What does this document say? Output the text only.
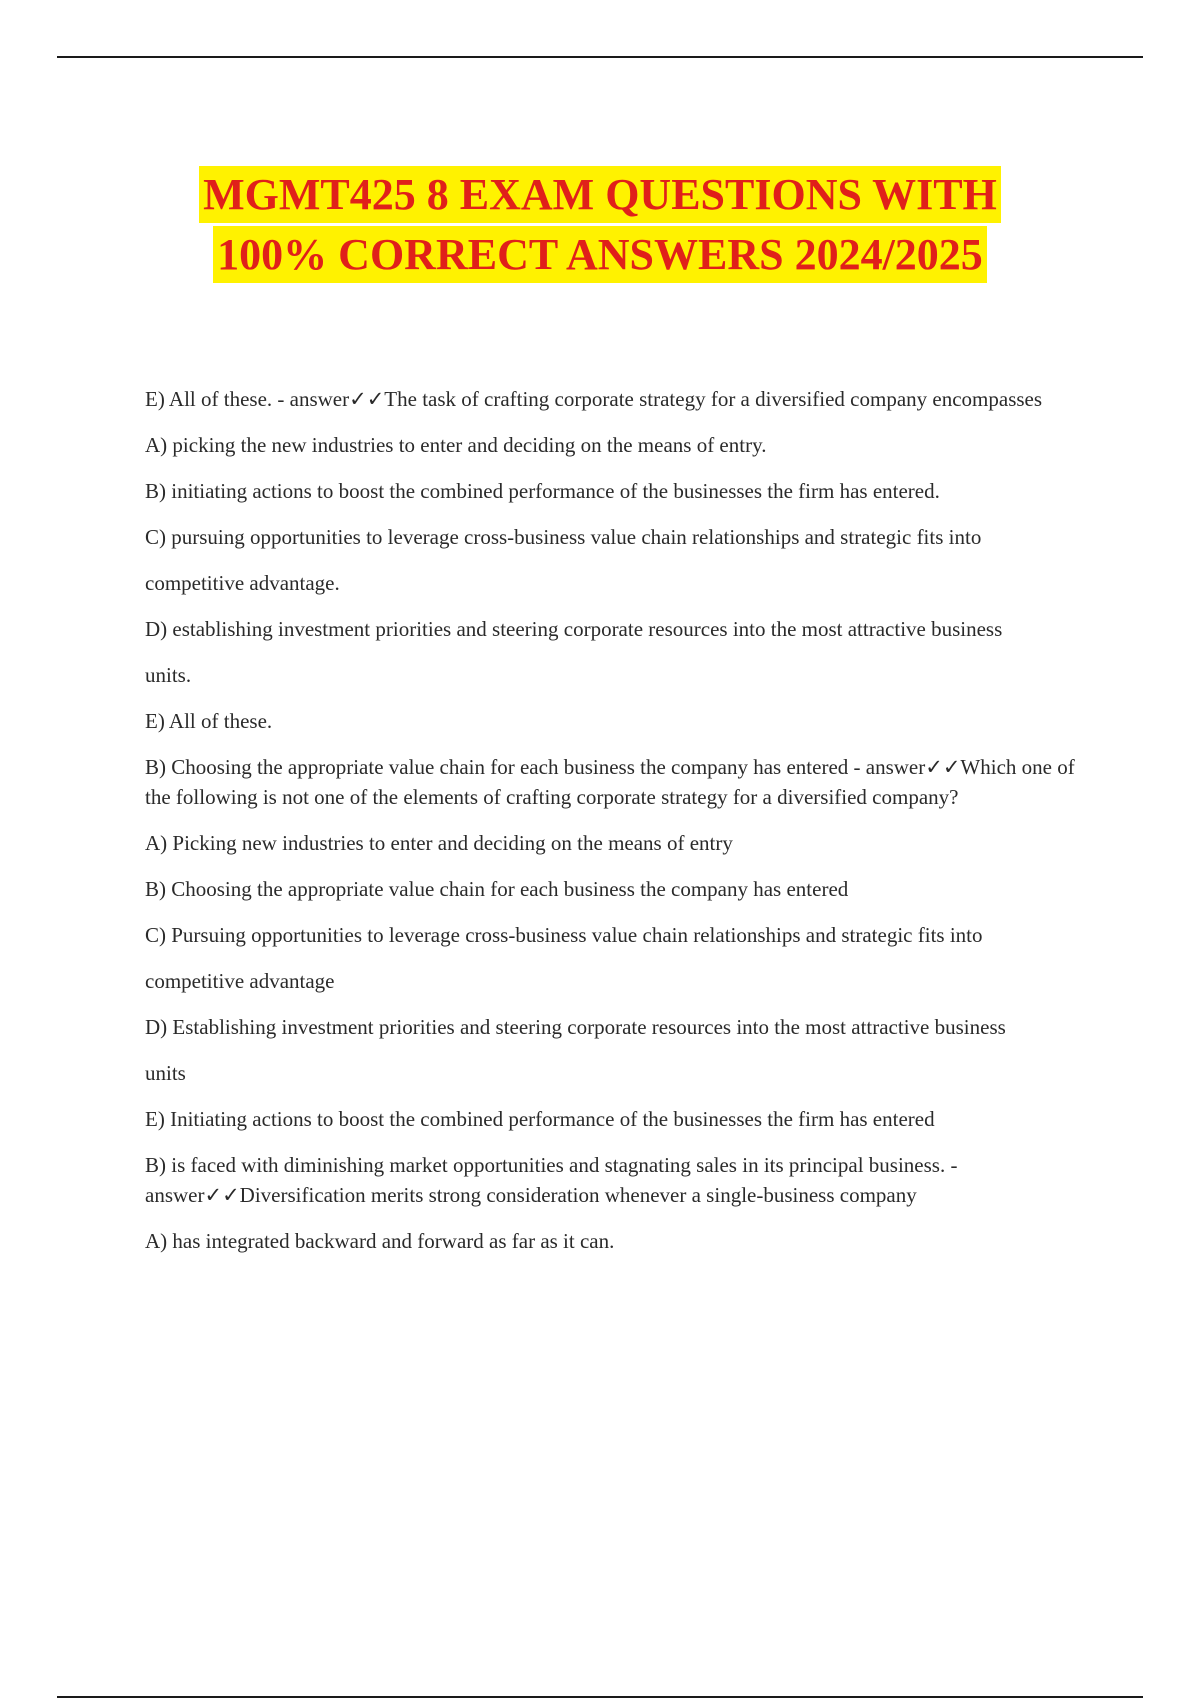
MGMT425 8 EXAM QUESTIONS WITH
100% CORRECT ANSWERS 2024/2025

E) All of these. - answer✓✓The task of crafting corporate strategy for a diversified company encompasses

A) picking the new industries to enter and deciding on the means of entry.

B) initiating actions to boost the combined performance of the businesses the firm has entered.

C) pursuing opportunities to leverage cross-business value chain relationships and strategic fits into

competitive advantage.

D) establishing investment priorities and steering corporate resources into the most attractive business

units.

E) All of these.

B) Choosing the appropriate value chain for each business the company has entered - answer✓✓Which one of the following is not one of the elements of crafting corporate strategy for a diversified company?

A) Picking new industries to enter and deciding on the means of entry

B) Choosing the appropriate value chain for each business the company has entered

C) Pursuing opportunities to leverage cross-business value chain relationships and strategic fits into

competitive advantage

D) Establishing investment priorities and steering corporate resources into the most attractive business

units

E) Initiating actions to boost the combined performance of the businesses the firm has entered

B) is faced with diminishing market opportunities and stagnating sales in its principal business. - answer✓✓Diversification merits strong consideration whenever a single-business company

A) has integrated backward and forward as far as it can.
